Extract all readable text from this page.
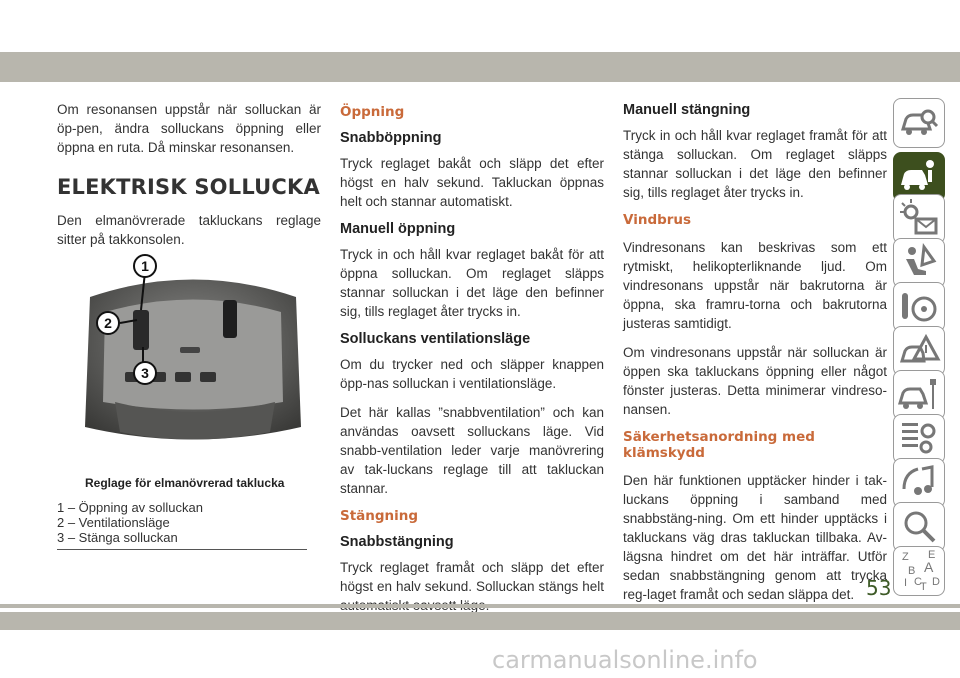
Om resonansen uppstår när solluckan är öp-pen, ändra solluckans öppning eller öppna en ruta. Då minskar resonansen.

ELEKTRISK SOLLUCKA

Den elmanövrerade takluckans reglage sitter på takkonsolen.

1
2
3
Reglage för elmanövrerad taklucka
1 – Öppning av solluckan
2 – Ventilationsläge
3 – Stänga solluckan
Öppning
Snabböppning

Tryck reglaget bakåt och släpp det efter högst en halv sekund. Takluckan öppnas helt och stannar automatiskt.

Manuell öppning

Tryck in och håll kvar reglaget bakåt för att öppna solluckan. Om reglaget släpps stannar solluckan i det läge den befinner sig, tills reglaget åter trycks in.

Solluckans ventilationsläge

Om du trycker ned och släpper knappen öpp-nas solluckan i ventilationsläge.

Det här kallas ”snabbventilation” och kan användas oavsett solluckans läge. Vid snabb-ventilation leder varje manövrering av tak-luckans reglage till att takluckan stannar.

Stängning
Snabbstängning

Tryck reglaget framåt och släpp det efter högst en halv sekund. Solluckan stängs helt

Manuell stängning

Tryck in och håll kvar reglaget framåt för att stänga solluckan. Om reglaget släpps stannar solluckan i det läge den befinner sig, tills reglaget åter trycks in.

Vindbrus

Vindresonans kan beskrivas som ett rytmiskt, helikopterliknande ljud. Om vindresonans uppstår när bakrutorna är öppna, ska framru-torna och bakrutorna justeras samtidigt.

Om vindresonans uppstår när solluckan är öppen ska takluckans öppning eller något fönster justeras. Detta minimerar vindreso-nansen.

Säkerhetsanordning med klämskydd

Den här funktionen upptäcker hinder i tak-luckans öppning i samband med snabbstäng-ning. Om ett hinder upptäcks i takluckans väg dras takluckan tillbaka. Av-lägsna hindret om det här inträffar. Utför sedan snabbstängning genom att trycka reg-laget framåt och sedan släppa det.

Z
B
E
A
I C
T D
53
carmanualsonline.info
